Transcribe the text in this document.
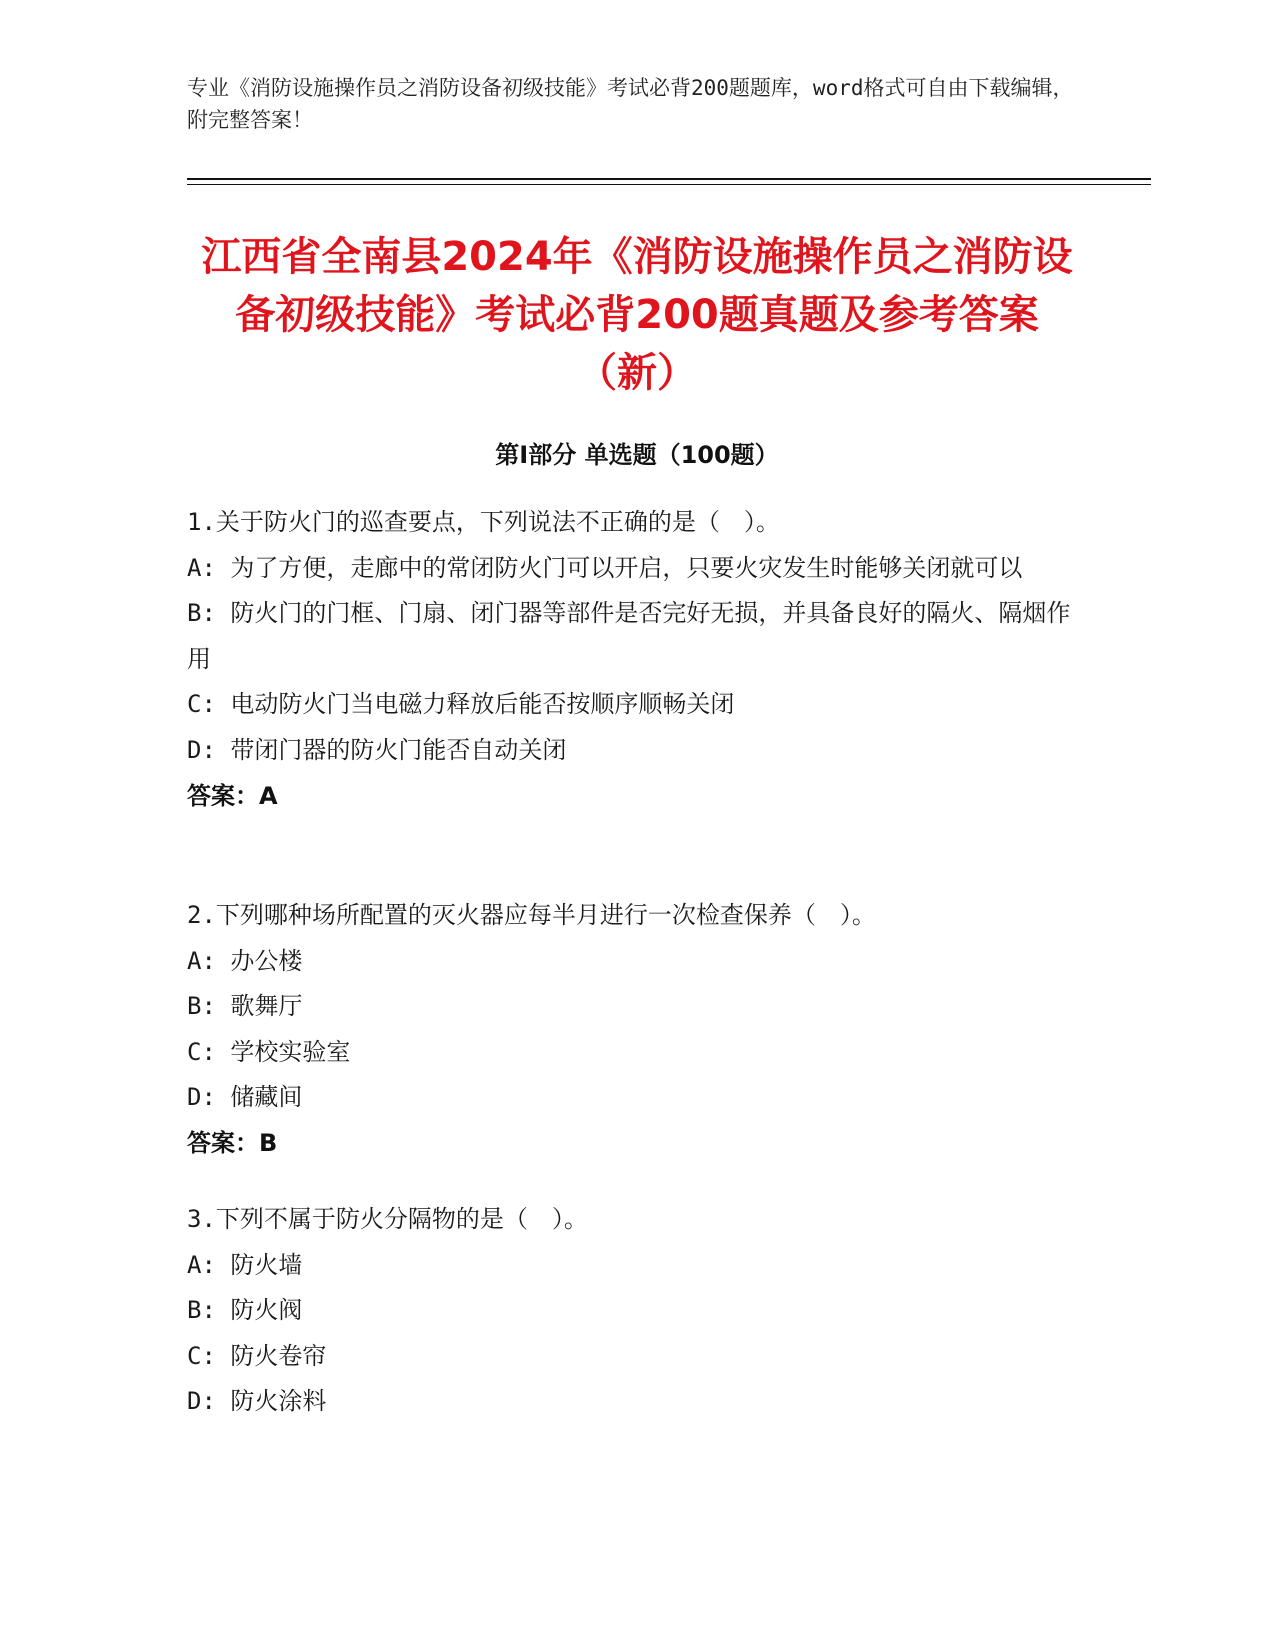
专业《消防设施操作员之消防设备初级技能》考试必背200题题库，word格式可自由下载编辑，附完整答案！
江西省全南县2024年《消防设施操作员之消防设备初级技能》考试必背200题真题及参考答案（新）
第I部分 单选题（100题）
1.关于防火门的巡查要点，下列说法不正确的是（　）。
A: 为了方便，走廊中的常闭防火门可以开启，只要火灾发生时能够关闭就可以
B: 防火门的门框、门扇、闭门器等部件是否完好无损，并具备良好的隔火、隔烟作用
C: 电动防火门当电磁力释放后能否按顺序顺畅关闭
D: 带闭门器的防火门能否自动关闭
答案：A
2.下列哪种场所配置的灭火器应每半月进行一次检查保养（　）。
A: 办公楼
B: 歌舞厅
C: 学校实验室
D: 储藏间
答案：B
3.下列不属于防火分隔物的是（　）。
A: 防火墙
B: 防火阀
C: 防火卷帘
D: 防火涂料
